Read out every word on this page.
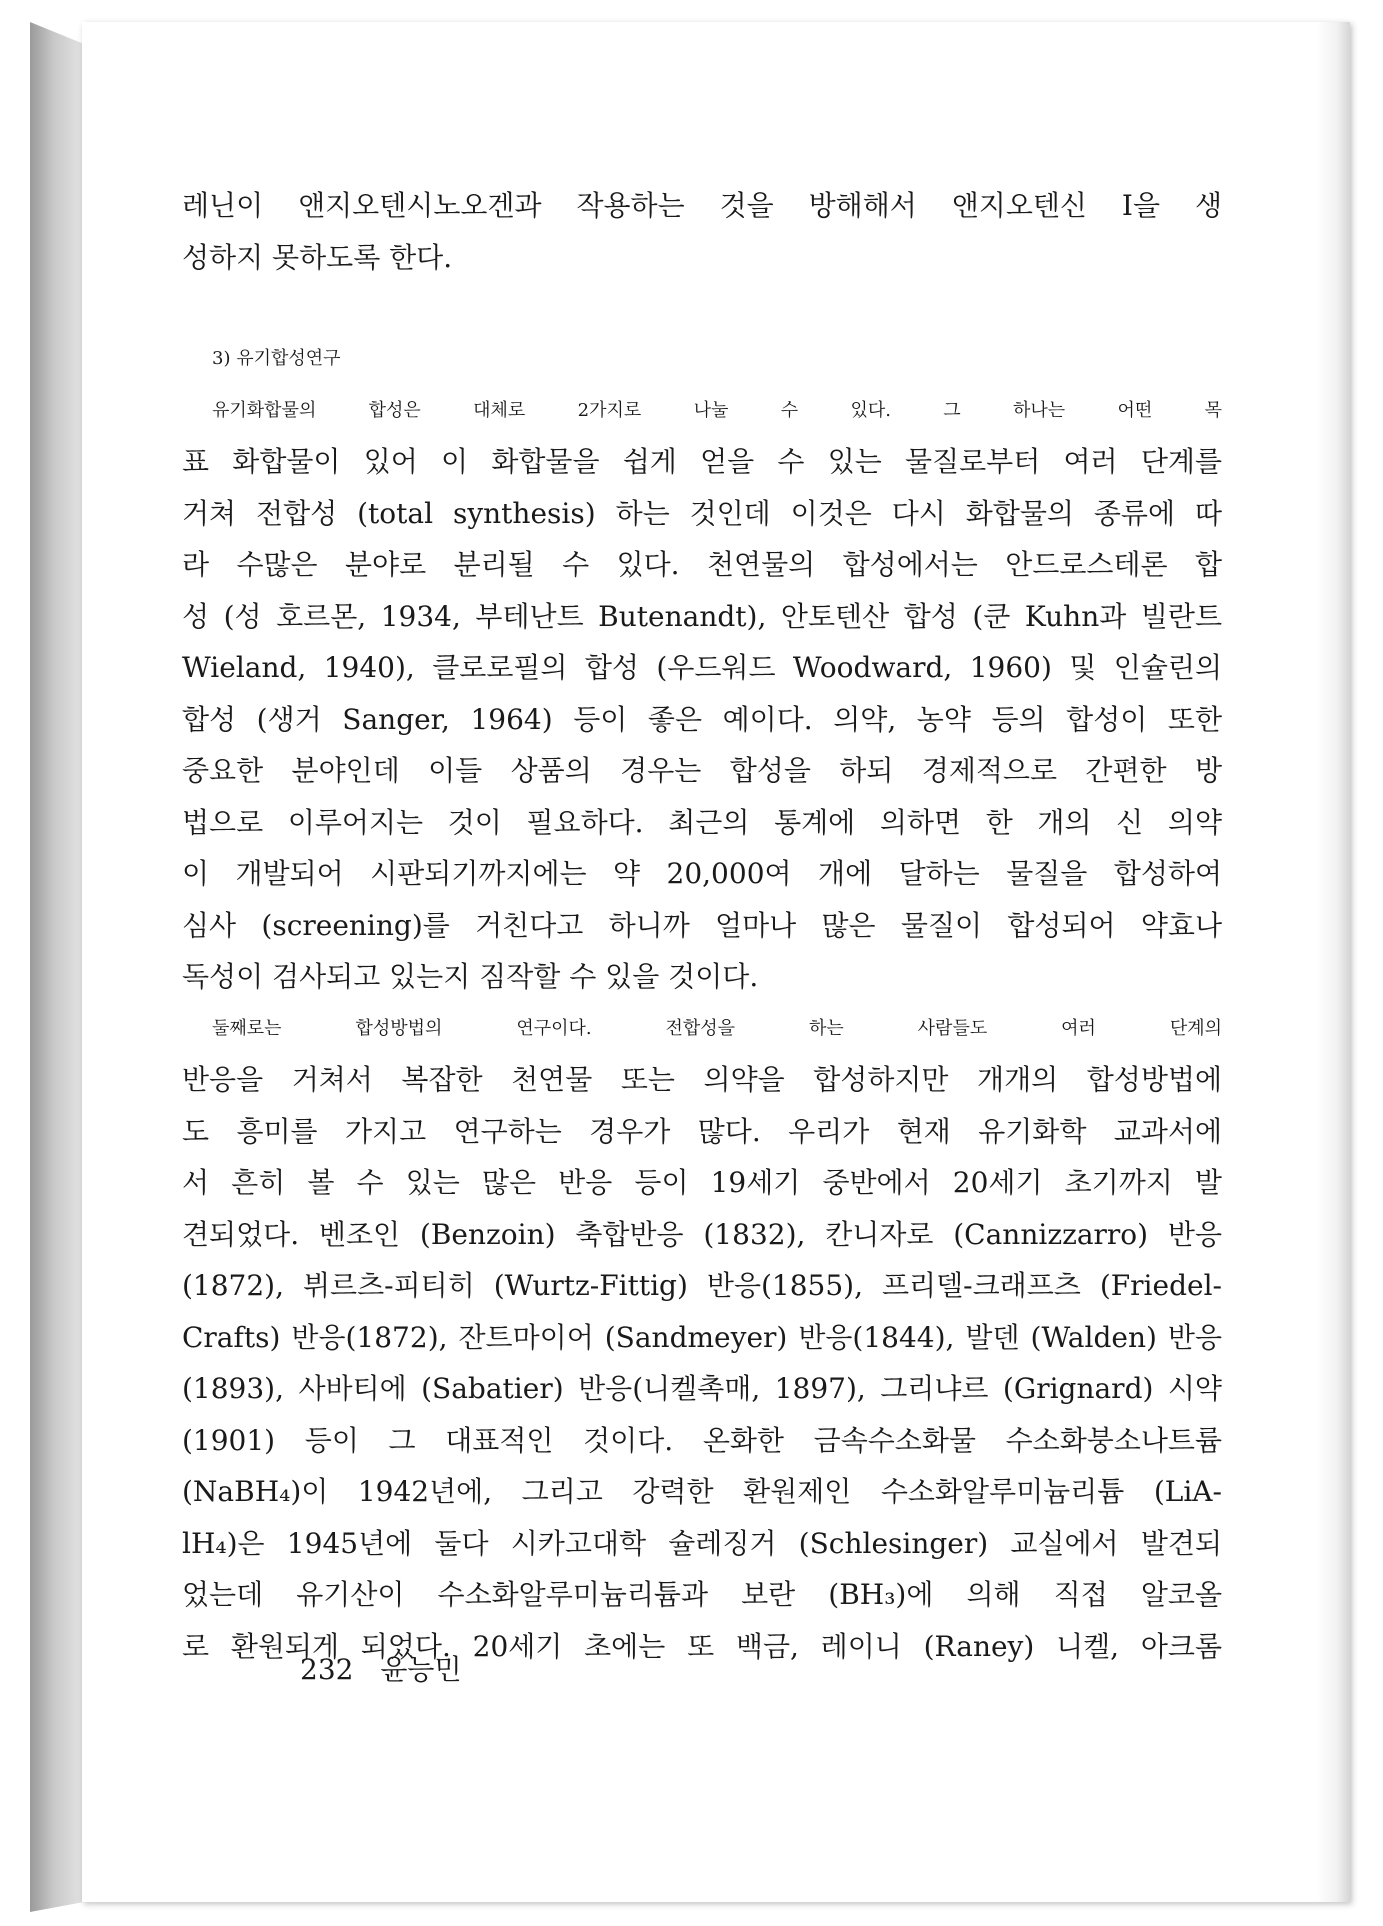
레닌이 앤지오텐시노오겐과 작용하는 것을 방해해서 앤지오텐신 I을 생
성하지 못하도록 한다.
3) 유기합성연구
유기화합물의 합성은 대체로 2가지로 나눌 수 있다. 그 하나는 어떤 목
표 화합물이 있어 이 화합물을 쉽게 얻을 수 있는 물질로부터 여러 단계를
거쳐 전합성 (total synthesis) 하는 것인데 이것은 다시 화합물의 종류에 따
라 수많은 분야로 분리될 수 있다. 천연물의 합성에서는 안드로스테론 합
성 (성 호르몬, 1934, 부테난트 Butenandt), 안토텐산 합성 (쿤 Kuhn과 빌란트
Wieland, 1940), 클로로필의 합성 (우드워드 Woodward, 1960) 및 인슐린의
합성 (생거 Sanger, 1964) 등이 좋은 예이다. 의약, 농약 등의 합성이 또한
중요한 분야인데 이들 상품의 경우는 합성을 하되 경제적으로 간편한 방
법으로 이루어지는 것이 필요하다. 최근의 통계에 의하면 한 개의 신 의약
이 개발되어 시판되기까지에는 약 20,000여 개에 달하는 물질을 합성하여
심사 (screening)를 거친다고 하니까 얼마나 많은 물질이 합성되어 약효나
독성이 검사되고 있는지 짐작할 수 있을 것이다.
둘째로는 합성방법의 연구이다. 전합성을 하는 사람들도 여러 단계의
반응을 거쳐서 복잡한 천연물 또는 의약을 합성하지만 개개의 합성방법에
도 흥미를 가지고 연구하는 경우가 많다. 우리가 현재 유기화학 교과서에
서 흔히 볼 수 있는 많은 반응 등이 19세기 중반에서 20세기 초기까지 발
견되었다. 벤조인 (Benzoin) 축합반응 (1832), 칸니자로 (Cannizzarro) 반응
(1872), 뷔르츠-피티히 (Wurtz-Fittig) 반응(1855), 프리델-크래프츠 (Friedel-
Crafts) 반응(1872), 잔트마이어 (Sandmeyer) 반응(1844), 발덴 (Walden) 반응
(1893), 사바티에 (Sabatier) 반응(니켈촉매, 1897), 그리냐르 (Grignard) 시약
(1901) 등이 그 대표적인 것이다. 온화한 금속수소화물 수소화붕소나트륨
(NaBH₄)이 1942년에, 그리고 강력한 환원제인 수소화알루미늄리튬 (LiA-
lH₄)은 1945년에 둘다 시카고대학 슐레징거 (Schlesinger) 교실에서 발견되
었는데 유기산이 수소화알루미늄리튬과 보란 (BH₃)에 의해 직접 알코올
로 환원되게 되었다. 20세기 초에는 또 백금, 레이니 (Raney) 니켈, 아크롬
232 윤능민
